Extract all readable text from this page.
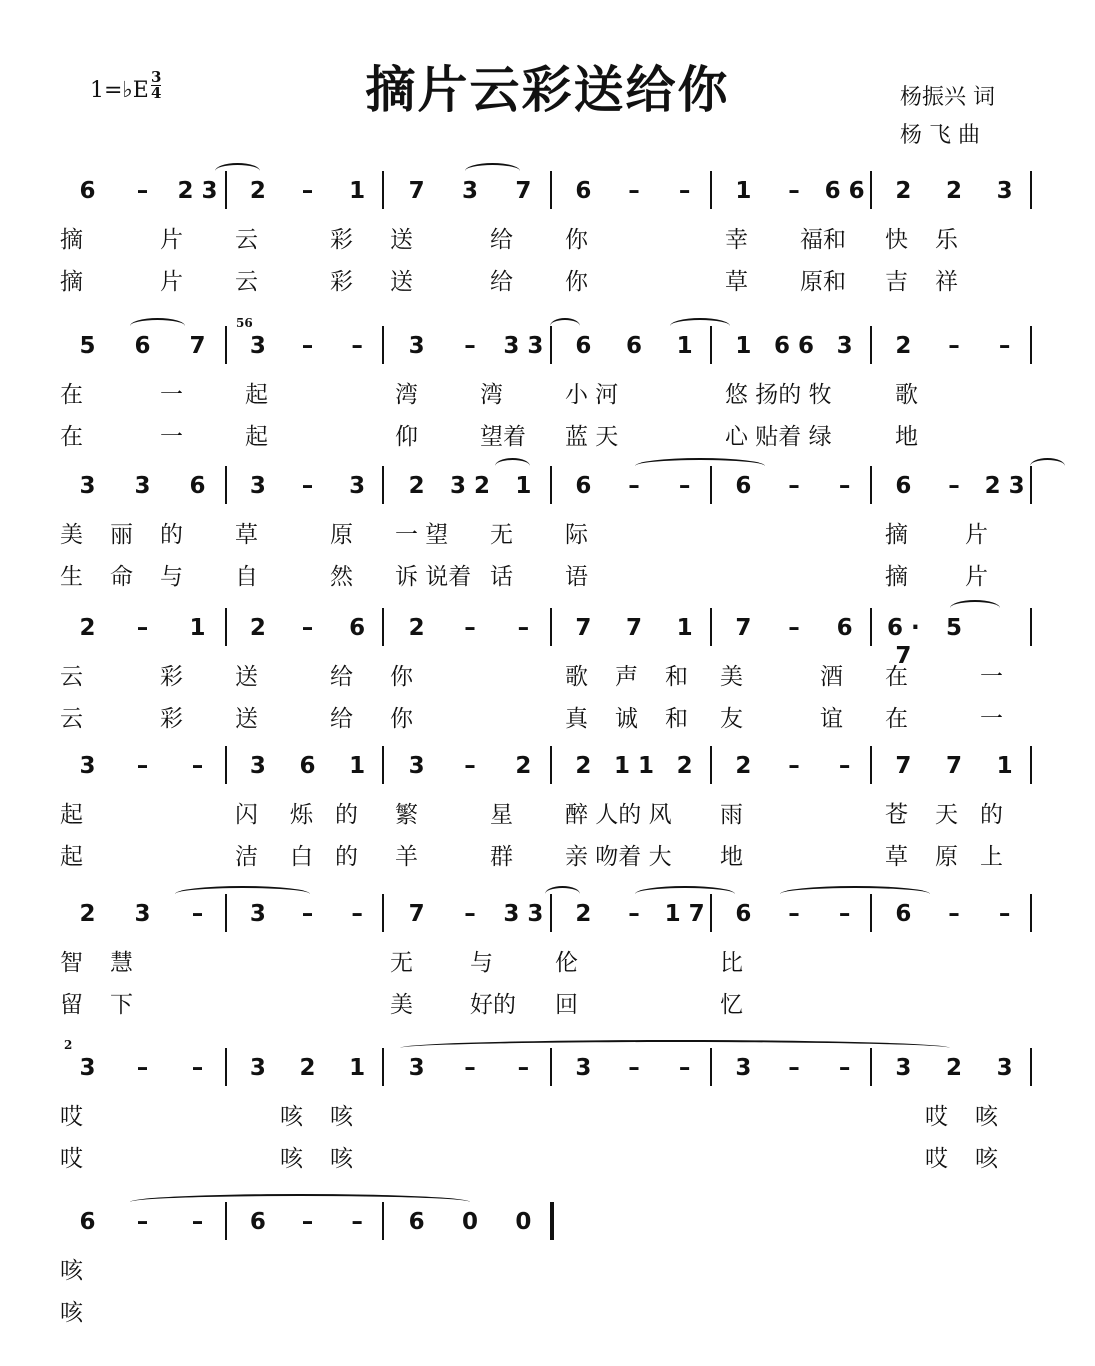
摘片云彩送给你
1=♭E $\frac{3}{4}$	杨振兴 词
杨 飞 曲
6	–	2 3	2	–	1	7	3	7	6	–	–	1	–	6 6	2	2	3
摘	片 云	彩 送	给 你	幸 福和 快 乐
摘	片 云	彩 送	给 你	草 原和 吉 祥
5	6	7	3	–	–	3	–	3 3	6	6	1	1 6 6 3	2	–	–
在	一	起	湾	湾	小 河	悠 扬的 牧	歌
在	一	起	仰	望着 蓝 天	心 贴着 绿	地
3	3	6	3	–	3	2	3 2	1	6	–	–	6	–	–	6	–	2 3
美 丽 的 草	原 一 望 无 际	摘 片
生 命 与 自	然 诉 说着 话 语	摘 片
2	–	1	2	–	6	2	–	–	7	7	1	7	–	6	6 · 7
5
云	彩 送	给 你	歌 声 和 美	酒 在	一
云	彩 送	给 你	真 诚 和 友	谊 在	一
3	–	–	3	6	1	3	–	2	2 1 1 2	2	–	–	7	7	1
起	闪 烁 的 繁	星 醉 人的 风 雨	苍 天 的
起	洁 白 的 羊	群 亲 吻着 大 地	草 原 上
2	3	–	3	–	–	7	–	3 3	2	–	1 7	6	–	–	6	–	–
智 慧	无 与	伦	比
留 下	美 好的 回	忆
3	–	–	3	2	1	3	–	–	3	–	–	3	–	–	3	2	3
哎	咳 咳	哎 咳
哎	咳 咳	哎 咳
6	–	–	6	–	–	6	0	0
咳
咳
56
2
